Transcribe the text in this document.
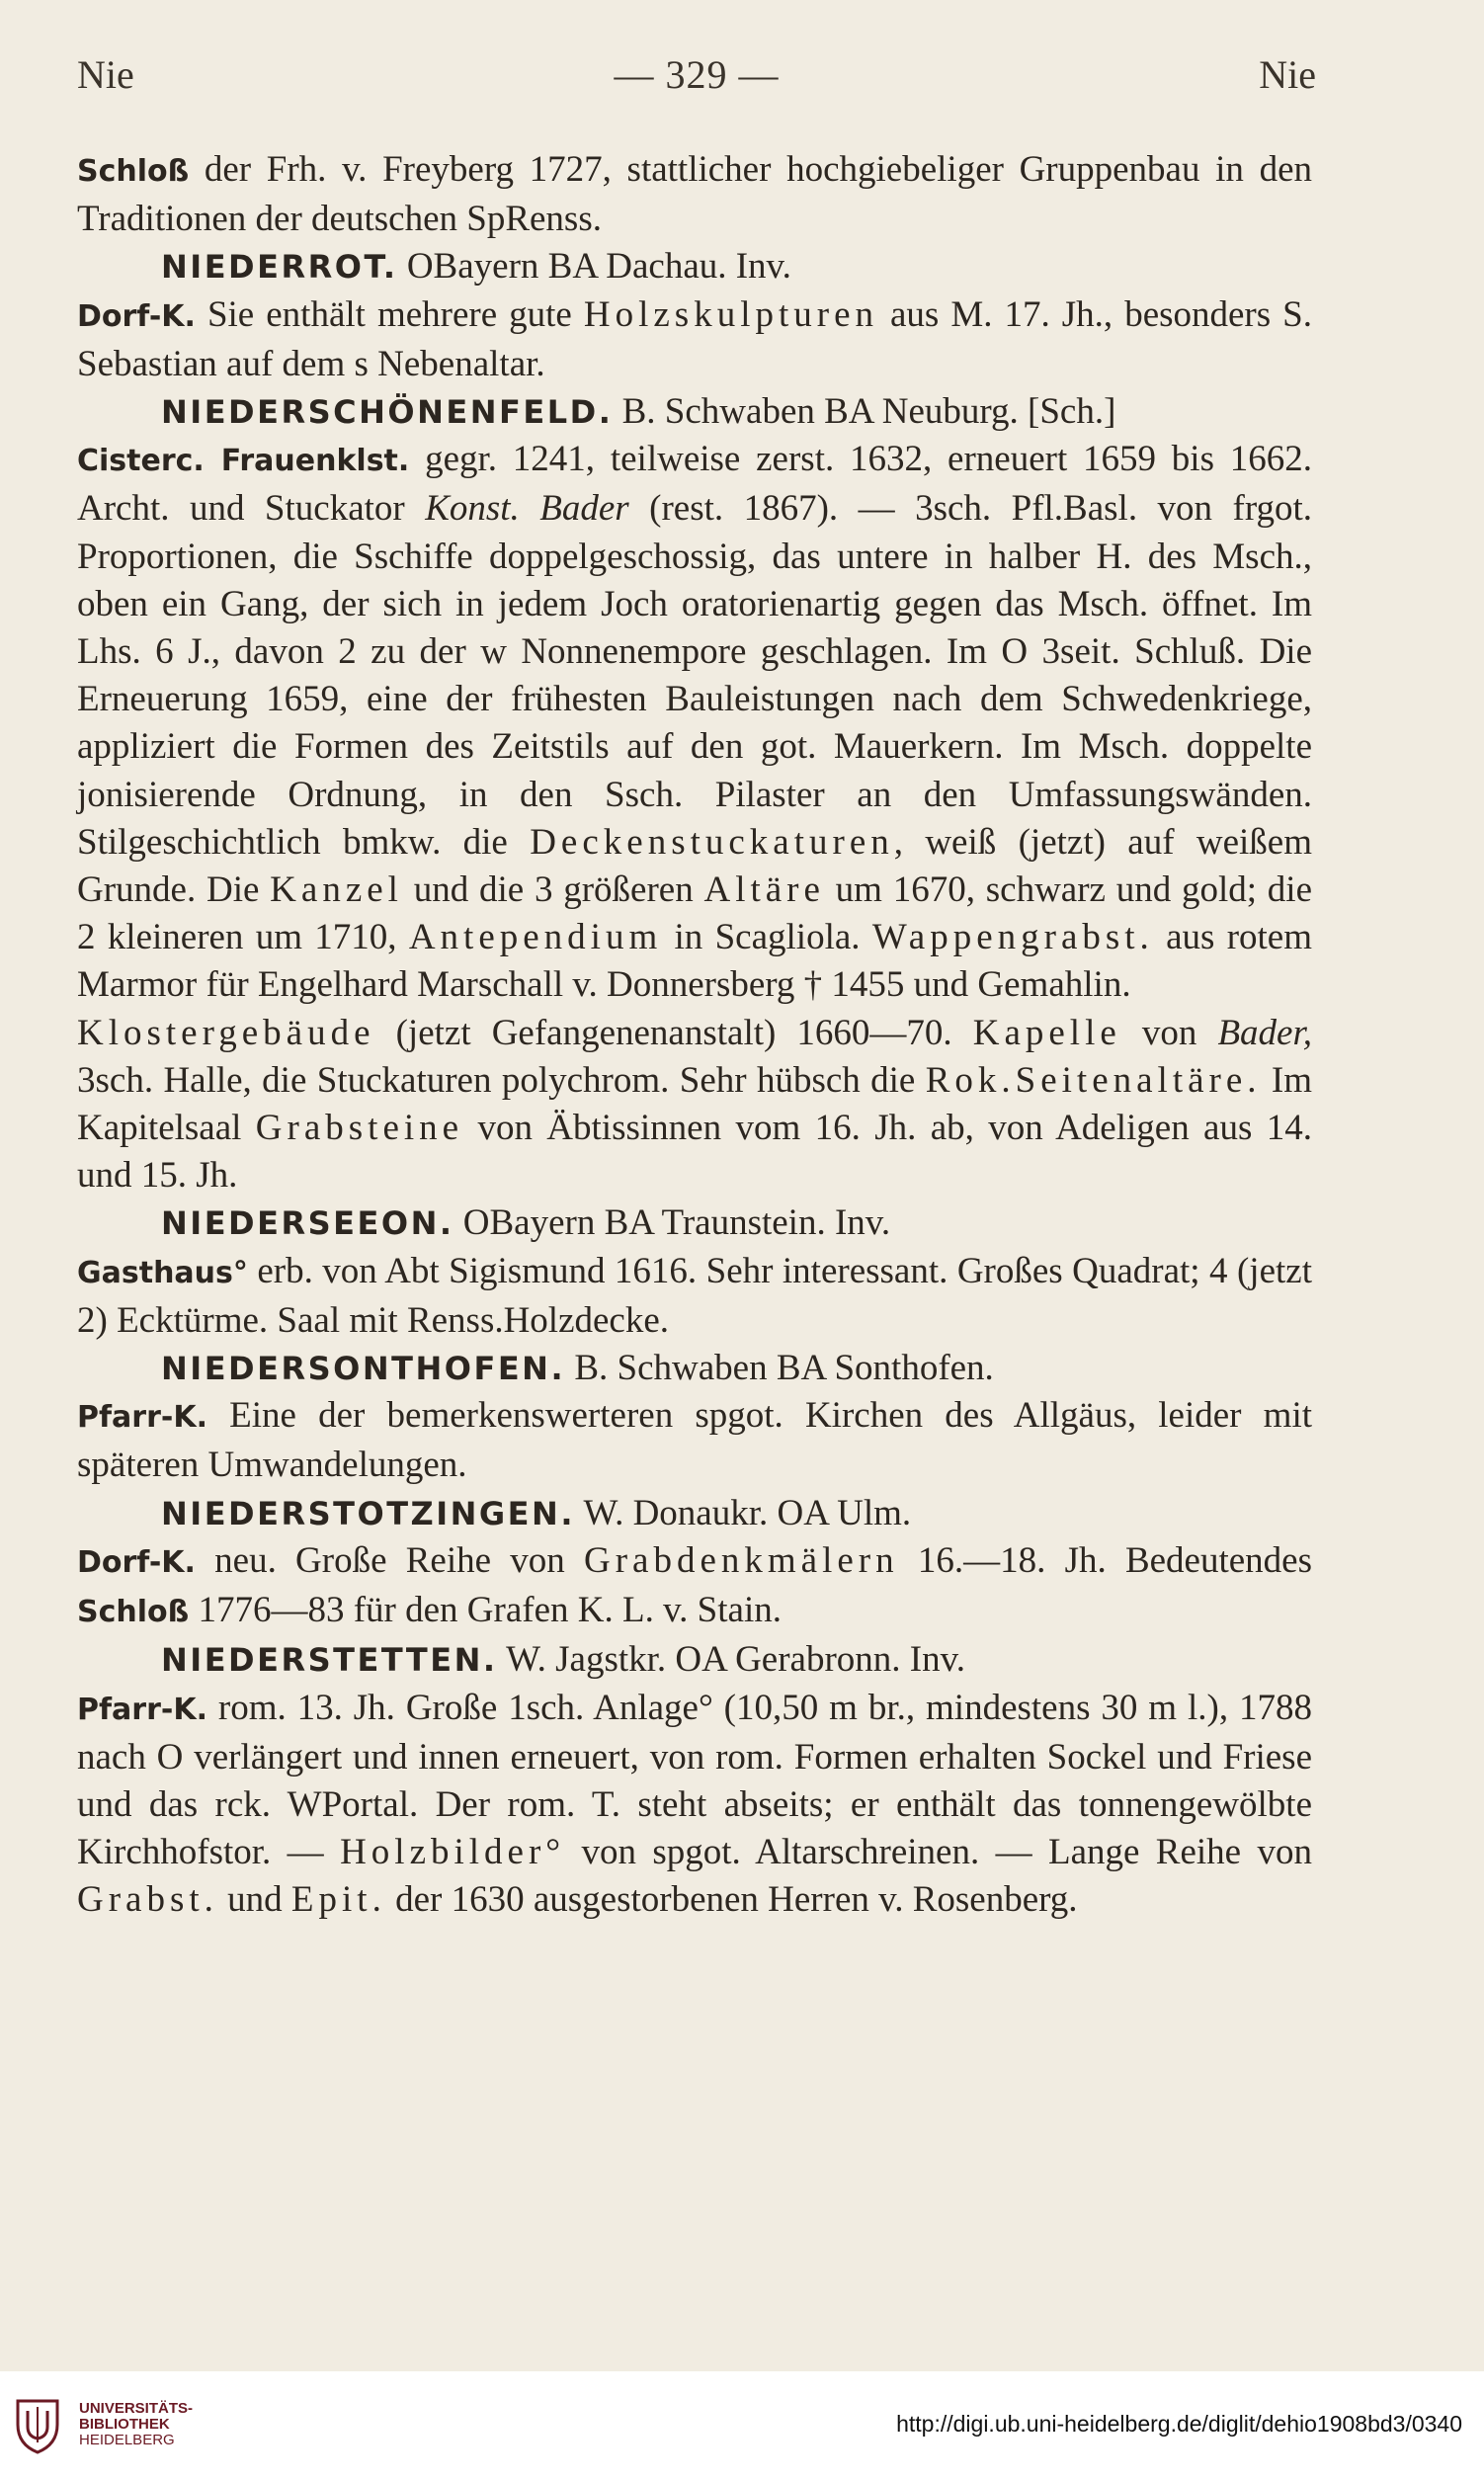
Nie	— 329 —	Nie

Schloß der Frh. v. Freyberg 1727, stattlicher hochgiebeliger Gruppenbau in den Traditionen der deutschen SpRenss.

NIEDERROT. OBayern BA Dachau. Inv.

Dorf-K. Sie enthält mehrere gute Holzskulpturen aus M. 17. Jh., besonders S. Sebastian auf dem s Nebenaltar.

NIEDERSCHÖNENFELD. B. Schwaben BA Neuburg. [Sch.]

Cisterc. Frauenklst. gegr. 1241, teilweise zerst. 1632, erneuert 1659 bis 1662. Archt. und Stuckator Konst. Bader (rest. 1867). — 3sch. Pfl.Basl. von frgot. Proportionen, die Sschiffe doppelgeschossig, das untere in halber H. des Msch., oben ein Gang, der sich in jedem Joch oratorienartig gegen das Msch. öffnet. Im Lhs. 6 J., davon 2 zu der w Nonnenempore geschlagen. Im O 3seit. Schluß. Die Erneuerung 1659, eine der frühesten Bauleistungen nach dem Schwedenkriege, appliziert die Formen des Zeitstils auf den got. Mauerkern. Im Msch. doppelte jonisierende Ordnung, in den Ssch. Pilaster an den Umfassungswänden. Stilgeschichtlich bmkw. die Deckenstuckaturen, weiß (jetzt) auf weißem Grunde. Die Kanzel und die 3 größeren Altäre um 1670, schwarz und gold; die 2 kleineren um 1710, Antependium in Scagliola. Wappengrabst. aus rotem Marmor für Engelhard Marschall v. Donnersberg † 1455 und Gemahlin.

Klostergebäude (jetzt Gefangenenanstalt) 1660—70. Kapelle von Bader, 3sch. Halle, die Stuckaturen polychrom. Sehr hübsch die Rok.Seitenaltäre. Im Kapitelsaal Grabsteine von Äbtissinnen vom 16. Jh. ab, von Adeligen aus 14. und 15. Jh.

NIEDERSEEON. OBayern BA Traunstein. Inv.

Gasthaus° erb. von Abt Sigismund 1616. Sehr interessant. Großes Quadrat; 4 (jetzt 2) Ecktürme. Saal mit Renss.Holzdecke.

NIEDERSONTHOFEN. B. Schwaben BA Sonthofen.

Pfarr-K. Eine der bemerkenswerteren spgot. Kirchen des Allgäus, leider mit späteren Umwandelungen.

NIEDERSTOTZINGEN. W. Donaukr. OA Ulm.

Dorf-K. neu. Große Reihe von Grabdenkmälern 16.—18. Jh. Bedeutendes Schloß 1776—83 für den Grafen K. L. v. Stain.

NIEDERSTETTEN. W. Jagstkr. OA Gerabronn. Inv.

Pfarr-K. rom. 13. Jh. Große 1sch. Anlage° (10,50 m br., mindestens 30 m l.), 1788 nach O verlängert und innen erneuert, von rom. Formen erhalten Sockel und Friese und das rck. WPortal. Der rom. T. steht abseits; er enthält das tonnengewölbte Kirchhofstor. — Holzbilder° von spgot. Altarschreinen. — Lange Reihe von Grabst. und Epit. der 1630 ausgestorbenen Herren v. Rosenberg.

UNIVERSITÄTS-
BIBLIOTHEK
HEIDELBERG
http://digi.ub.uni-heidelberg.de/diglit/dehio1908bd3/0340
